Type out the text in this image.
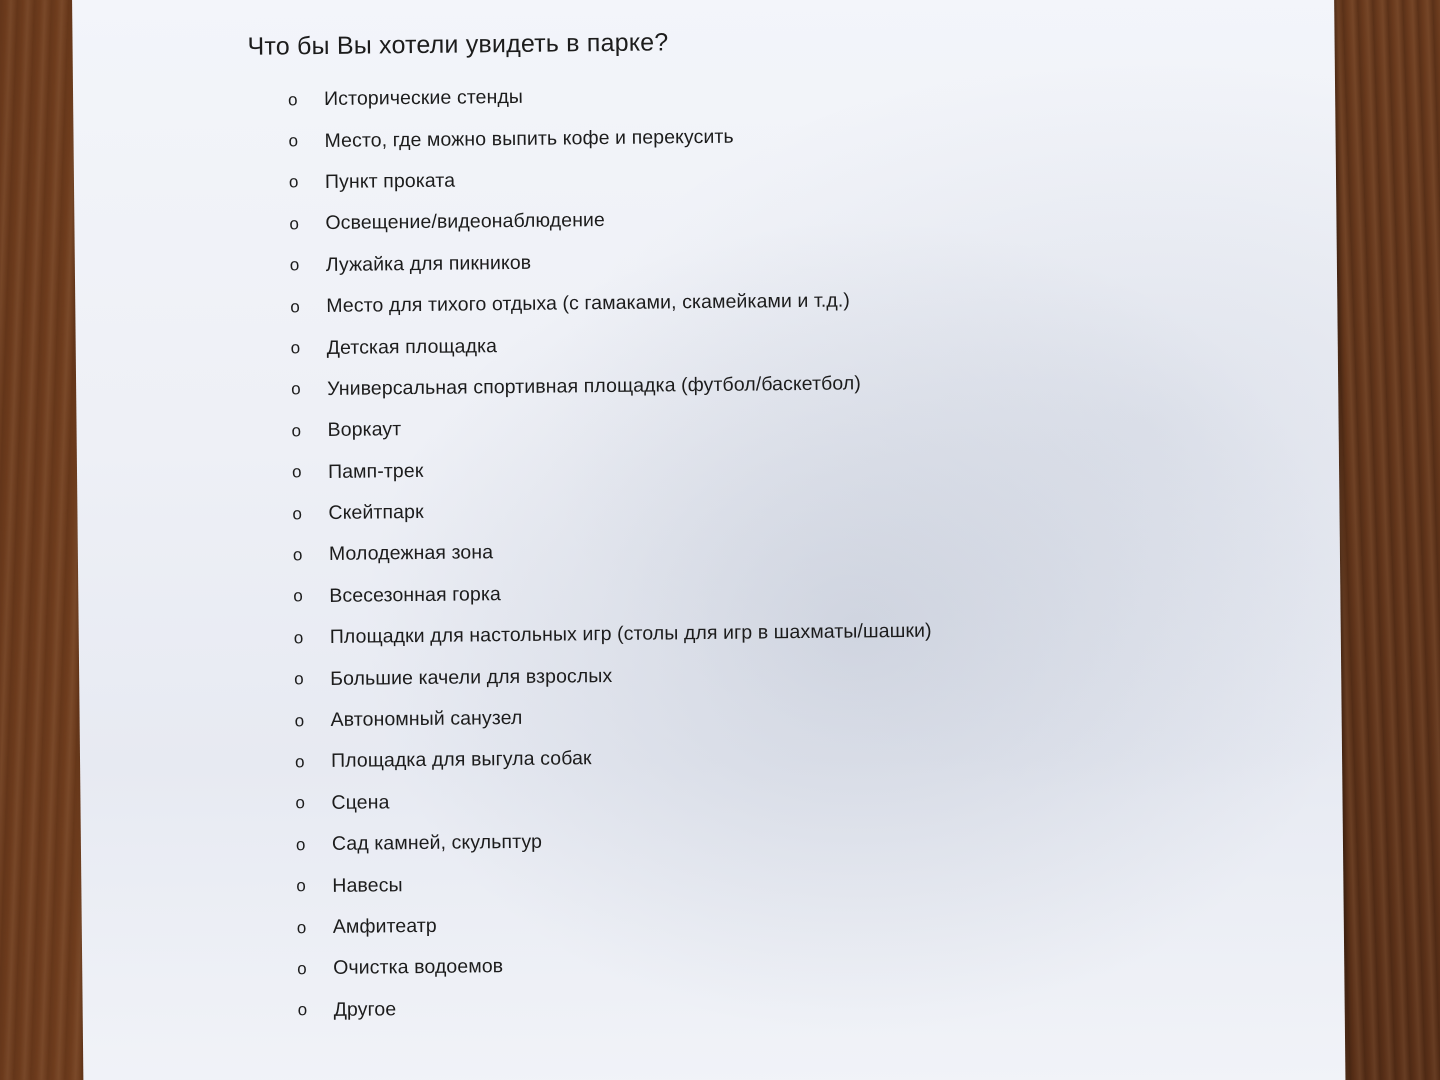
Что бы Вы хотели увидеть в парке?
o	Исторические стенды
o	Место, где можно выпить кофе и перекусить
o	Пункт проката
o	Освещение/видеонаблюдение
o	Лужайка для пикников
o	Место для тихого отдыха (с гамаками, скамейками и т.д.)
o	Детская площадка
o	Универсальная спортивная площадка (футбол/баскетбол)
o	Воркаут
o	Памп-трек
o	Скейтпарк
o	Молодежная зона
o	Всесезонная горка
o	Площадки для настольных игр (столы для игр в шахматы/шашки)
o	Большие качели для взрослых
o	Автономный санузел
o	Площадка для выгула собак
o	Сцена
o	Сад камней, скульптур
o	Навесы
o	Амфитеатр
o	Очистка водоемов
o	Другое
